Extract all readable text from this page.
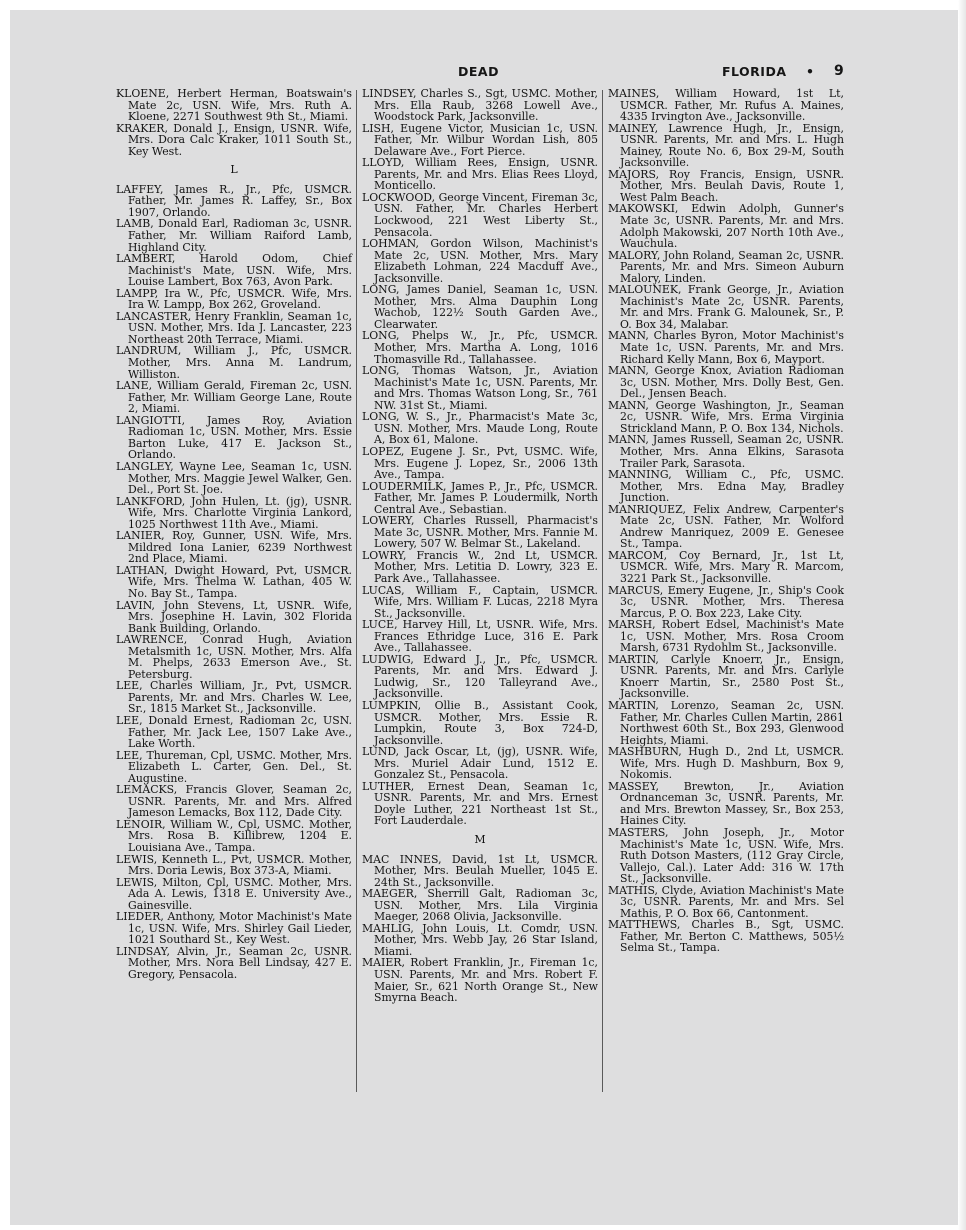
DEAD	FLORIDA • 9

KLOENE, Herbert Herman, Boatswain's Mate 2c, USN. Wife, Mrs. Ruth A. Kloene, 2271 Southwest 9th St., Miami.

KRAKER, Donald J., Ensign, USNR. Wife, Mrs. Dora Calc Kraker, 1011 South St., Key West.

L

LAFFEY, James R., Jr., Pfc, USMCR. Father, Mr. James R. Laffey, Sr., Box 1907, Orlando.

LAMB, Donald Earl, Radioman 3c, USNR. Father, Mr. William Raiford Lamb, Highland City.

LAMBERT, Harold Odom, Chief Machinist's Mate, USN. Wife, Mrs. Louise Lambert, Box 763, Avon Park.

LAMPP, Ira W., Pfc, USMCR. Wife, Mrs. Ira W. Lampp, Box 262, Groveland.

LANCASTER, Henry Franklin, Seaman 1c, USN. Mother, Mrs. Ida J. Lancaster, 223 Northeast 20th Terrace, Miami.

LANDRUM, William J., Pfc, USMCR. Mother, Mrs. Anna M. Landrum, Williston.

LANE, William Gerald, Fireman 2c, USN. Father, Mr. William George Lane, Route 2, Miami.

LANGIOTTI, James Roy, Aviation Radioman 1c, USN. Mother, Mrs. Essie Barton Luke, 417 E. Jackson St., Orlando.

LANGLEY, Wayne Lee, Seaman 1c, USN. Mother, Mrs. Maggie Jewel Walker, Gen. Del., Port St. Joe.

LANKFORD, John Hulen, Lt. (jg), USNR. Wife, Mrs. Charlotte Virginia Lankord, 1025 Northwest 11th Ave., Miami.

LANIER, Roy, Gunner, USN. Wife, Mrs. Mildred Iona Lanier, 6239 Northwest 2nd Place, Miami.

LATHAN, Dwight Howard, Pvt, USMCR. Wife, Mrs. Thelma W. Lathan, 405 W. No. Bay St., Tampa.

LAVIN, John Stevens, Lt, USNR. Wife, Mrs. Josephine H. Lavin, 302 Florida Bank Building, Orlando.

LAWRENCE, Conrad Hugh, Aviation Metalsmith 1c, USN. Mother, Mrs. Alfa M. Phelps, 2633 Emerson Ave., St. Petersburg.

LEE, Charles William, Jr., Pvt, USMCR. Parents, Mr. and Mrs. Charles W. Lee, Sr., 1815 Market St., Jacksonville.

LEE, Donald Ernest, Radioman 2c, USN. Father, Mr. Jack Lee, 1507 Lake Ave., Lake Worth.

LEE, Thureman, Cpl, USMC. Mother, Mrs. Elizabeth L. Carter, Gen. Del., St. Augustine.

LEMACKS, Francis Glover, Seaman 2c, USNR. Parents, Mr. and Mrs. Alfred Jameson Lemacks, Box 112, Dade City.

LENOIR, William W., Cpl, USMC. Mother, Mrs. Rosa B. Killibrew, 1204 E. Louisiana Ave., Tampa.

LEWIS, Kenneth L., Pvt, USMCR. Mother, Mrs. Doria Lewis, Box 373-A, Miami.

LEWIS, Milton, Cpl, USMC. Mother, Mrs. Ada A. Lewis, 1318 E. University Ave., Gainesville.

LIEDER, Anthony, Motor Machinist's Mate 1c, USN. Wife, Mrs. Shirley Gail Lieder, 1021 Southard St., Key West.

LINDSAY, Alvin, Jr., Seaman 2c, USNR. Mother, Mrs. Nora Bell Lindsay, 427 E. Gregory, Pensacola.

LINDSEY, Charles S., Sgt, USMC. Mother, Mrs. Ella Raub, 3268 Lowell Ave., Woodstock Park, Jacksonville.

LISH, Eugene Victor, Musician 1c, USN. Father, Mr. Wilbur Wordan Lish, 805 Delaware Ave., Fort Pierce.

LLOYD, William Rees, Ensign, USNR. Parents, Mr. and Mrs. Elias Rees Lloyd, Monticello.

LOCKWOOD, George Vincent, Fireman 3c, USN. Father, Mr. Charles Herbert Lockwood, 221 West Liberty St., Pensacola.

LOHMAN, Gordon Wilson, Machinist's Mate 2c, USN. Mother, Mrs. Mary Elizabeth Lohman, 224 Macduff Ave., Jacksonville.

LONG, James Daniel, Seaman 1c, USN. Mother, Mrs. Alma Dauphin Long Wachob, 122½ South Garden Ave., Clearwater.

LONG, Phelps W., Jr., Pfc, USMCR. Mother, Mrs. Martha A. Long, 1016 Thomasville Rd., Tallahassee.

LONG, Thomas Watson, Jr., Aviation Machinist's Mate 1c, USN. Parents, Mr. and Mrs. Thomas Watson Long, Sr., 761 NW. 31st St., Miami.

LONG, W. S., Jr., Pharmacist's Mate 3c, USN. Mother, Mrs. Maude Long, Route A, Box 61, Malone.

LOPEZ, Eugene J. Sr., Pvt, USMC. Wife, Mrs. Eugene J. Lopez, Sr., 2006 13th Ave., Tampa.

LOUDERMILK, James P., Jr., Pfc, USMCR. Father, Mr. James P. Loudermilk, North Central Ave., Sebastian.

LOWERY, Charles Russell, Pharmacist's Mate 3c, USNR. Mother, Mrs. Fannie M. Lowery, 507 W. Belmar St., Lakeland.

LOWRY, Francis W., 2nd Lt, USMCR. Mother, Mrs. Letitia D. Lowry, 323 E. Park Ave., Tallahassee.

LUCAS, William F., Captain, USMCR. Wife, Mrs. William F. Lucas, 2218 Myra St., Jacksonville.

LUCE, Harvey Hill, Lt, USNR. Wife, Mrs. Frances Ethridge Luce, 316 E. Park Ave., Tallahassee.

LUDWIG, Edward J., Jr., Pfc, USMCR. Parents, Mr. and Mrs. Edward J. Ludwig, Sr., 120 Talleyrand Ave., Jacksonville.

LUMPKIN, Ollie B., Assistant Cook, USMCR. Mother, Mrs. Essie R. Lumpkin, Route 3, Box 724-D, Jacksonville.

LUND, Jack Oscar, Lt, (jg), USNR. Wife, Mrs. Muriel Adair Lund, 1512 E. Gonzalez St., Pensacola.

LUTHER, Ernest Dean, Seaman 1c, USNR. Parents, Mr. and Mrs. Ernest Doyle Luther, 221 Northeast 1st St., Fort Lauderdale.

M

MAC INNES, David, 1st Lt, USMCR. Mother, Mrs. Beulah Mueller, 1045 E. 24th St., Jacksonville.

MAEGER, Sherrill Galt, Radioman 3c, USN. Mother, Mrs. Lila Virginia Maeger, 2068 Olivia, Jacksonville.

MAHLIG, John Louis, Lt. Comdr, USN. Mother, Mrs. Webb Jay, 26 Star Island, Miami.

MAIER, Robert Franklin, Jr., Fireman 1c, USN. Parents, Mr. and Mrs. Robert F. Maier, Sr., 621 North Orange St., New Smyrna Beach.

MAINES, William Howard, 1st Lt, USMCR. Father, Mr. Rufus A. Maines, 4335 Irvington Ave., Jacksonville.

MAINEY, Lawrence Hugh, Jr., Ensign, USNR. Parents, Mr. and Mrs. L. Hugh Mainey, Route No. 6, Box 29-M, South Jacksonville.

MAJORS, Roy Francis, Ensign, USNR. Mother, Mrs. Beulah Davis, Route 1, West Palm Beach.

MAKOWSKI, Edwin Adolph, Gunner's Mate 3c, USNR. Parents, Mr. and Mrs. Adolph Makowski, 207 North 10th Ave., Wauchula.

MALORY, John Roland, Seaman 2c, USNR. Parents, Mr. and Mrs. Simeon Auburn Malory, Linden.

MALOUNEK, Frank George, Jr., Aviation Machinist's Mate 2c, USNR. Parents, Mr. and Mrs. Frank G. Malounek, Sr., P. O. Box 34, Malabar.

MANN, Charles Byron, Motor Machinist's Mate 1c, USN. Parents, Mr. and Mrs. Richard Kelly Mann, Box 6, Mayport.

MANN, George Knox, Aviation Radioman 3c, USN. Mother, Mrs. Dolly Best, Gen. Del., Jensen Beach.

MANN, George Washington, Jr., Seaman 2c, USNR. Wife, Mrs. Erma Virginia Strickland Mann, P. O. Box 134, Nichols.

MANN, James Russell, Seaman 2c, USNR. Mother, Mrs. Anna Elkins, Sarasota Trailer Park, Sarasota.

MANNING, William C., Pfc, USMC. Mother, Mrs. Edna May, Bradley Junction.

MANRIQUEZ, Felix Andrew, Carpenter's Mate 2c, USN. Father, Mr. Wolford Andrew Manriquez, 2009 E. Genesee St., Tampa.

MARCOM, Coy Bernard, Jr., 1st Lt, USMCR. Wife, Mrs. Mary R. Marcom, 3221 Park St., Jacksonville.

MARCUS, Emery Eugene, Jr., Ship's Cook 3c, USNR. Mother, Mrs. Theresa Marcus, P. O. Box 223, Lake City.

MARSH, Robert Edsel, Machinist's Mate 1c, USN. Mother, Mrs. Rosa Croom Marsh, 6731 Rydohlm St., Jacksonville.

MARTIN, Carlyle Knoerr, Jr., Ensign, USNR. Parents, Mr. and Mrs. Carlyle Knoerr Martin, Sr., 2580 Post St., Jacksonville.

MARTIN, Lorenzo, Seaman 2c, USN. Father, Mr. Charles Cullen Martin, 2861 Northwest 60th St., Box 293, Glenwood Heights, Miami.

MASHBURN, Hugh D., 2nd Lt, USMCR. Wife, Mrs. Hugh D. Mashburn, Box 9, Nokomis.

MASSEY, Brewton, Jr., Aviation Ordnanceman 3c, USNR. Parents, Mr. and Mrs. Brewton Massey, Sr., Box 253, Haines City.

MASTERS, John Joseph, Jr., Motor Machinist's Mate 1c, USN. Wife, Mrs. Ruth Dotson Masters, (112 Gray Circle, Vallejo, Cal.). Later Add: 316 W. 17th St., Jacksonville.

MATHIS, Clyde, Aviation Machinist's Mate 3c, USNR. Parents, Mr. and Mrs. Sel Mathis, P. O. Box 66, Cantonment.

MATTHEWS, Charles B., Sgt, USMC. Father, Mr. Berton C. Matthews, 505½ Selma St., Tampa.
